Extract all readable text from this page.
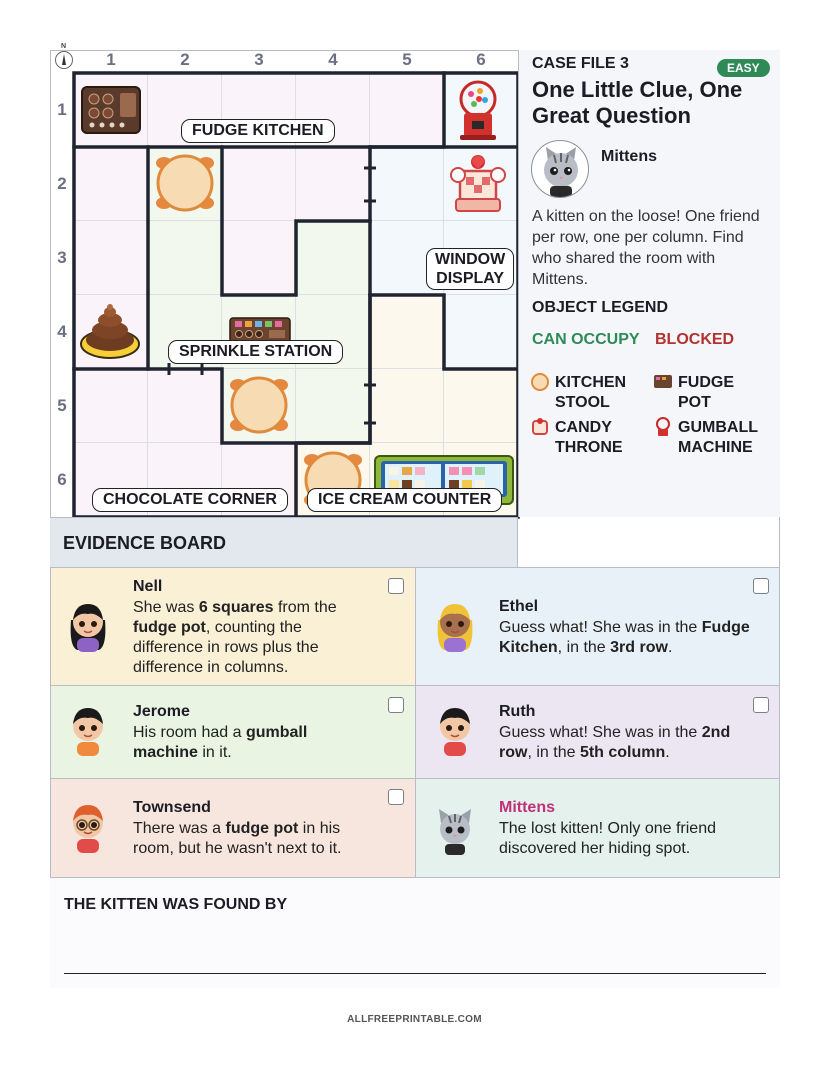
N
1	2	3	4	5	6
1
2
3
4
5
6
FUDGE KITCHEN
WINDOW
DISPLAY
SPRINKLE STATION
CHOCOLATE CORNER	ICE CREAM COUNTER
CASE FILE 3	EASY
One Little Clue, One Great Question
Mittens
A kitten on the loose! One friend per row, one per column. Find who shared the room with Mittens.
OBJECT LEGEND
CAN OCCUPY BLOCKED
KITCHEN
STOOL
FUDGE
POT
CANDY
THRONE
GUMBALL
MACHINE
EVIDENCE BOARD
Nell
She was 6 squares from the fudge pot, counting the difference in rows plus the difference in columns.
Ethel
Guess what! She was in the Fudge Kitchen, in the 3rd row.
Jerome
His room had a gumball machine in it.
Ruth
Guess what! She was in the 2nd row, in the 5th column.
Townsend
There was a fudge pot in his room, but he wasn't next to it.
Mittens
The lost kitten! Only one friend discovered her hiding spot.
THE KITTEN WAS FOUND BY
ALLFREEPRINTABLE.COM
